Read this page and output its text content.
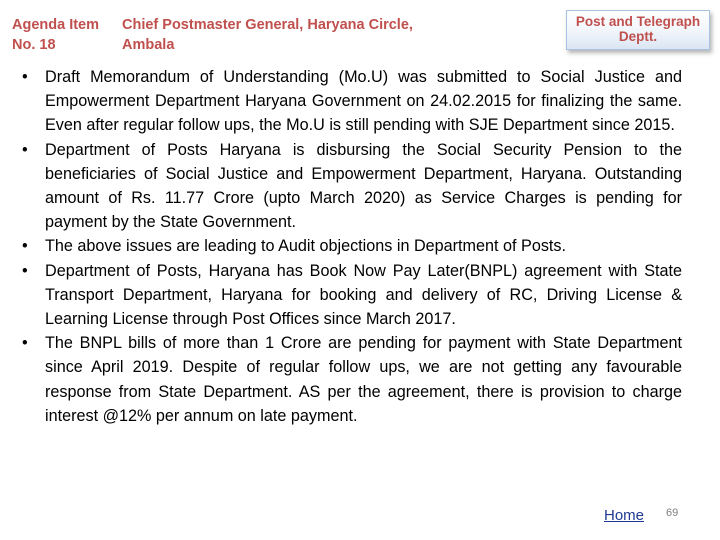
Agenda Item
No. 18
Chief Postmaster General, Haryana Circle,
Ambala
Post and Telegraph
Deptt.
•	Draft Memorandum of Understanding (Mo.U) was submitted to Social Justice and Empowerment Department Haryana Government on 24.02.2015 for finalizing the same. Even after regular follow ups, the Mo.U is still pending with SJE Department since 2015.
•	Department of Posts Haryana is disbursing the Social Security Pension to the beneficiaries of Social Justice and Empowerment Department, Haryana. Outstanding amount of Rs. 11.77 Crore (upto March 2020) as Service Charges is pending for payment by the State Government.
•	The above issues are leading to Audit objections in Department of Posts.
•	Department of Posts, Haryana has Book Now Pay Later(BNPL) agreement with State Transport Department, Haryana for booking and delivery of RC, Driving License & Learning License through Post Offices since March 2017.
•	The BNPL bills of more than 1 Crore are pending for payment with State Department since April 2019. Despite of regular follow ups, we are not getting any favourable response from State Department. AS per the agreement, there is provision to charge interest @12% per annum on late payment.
Home 69
